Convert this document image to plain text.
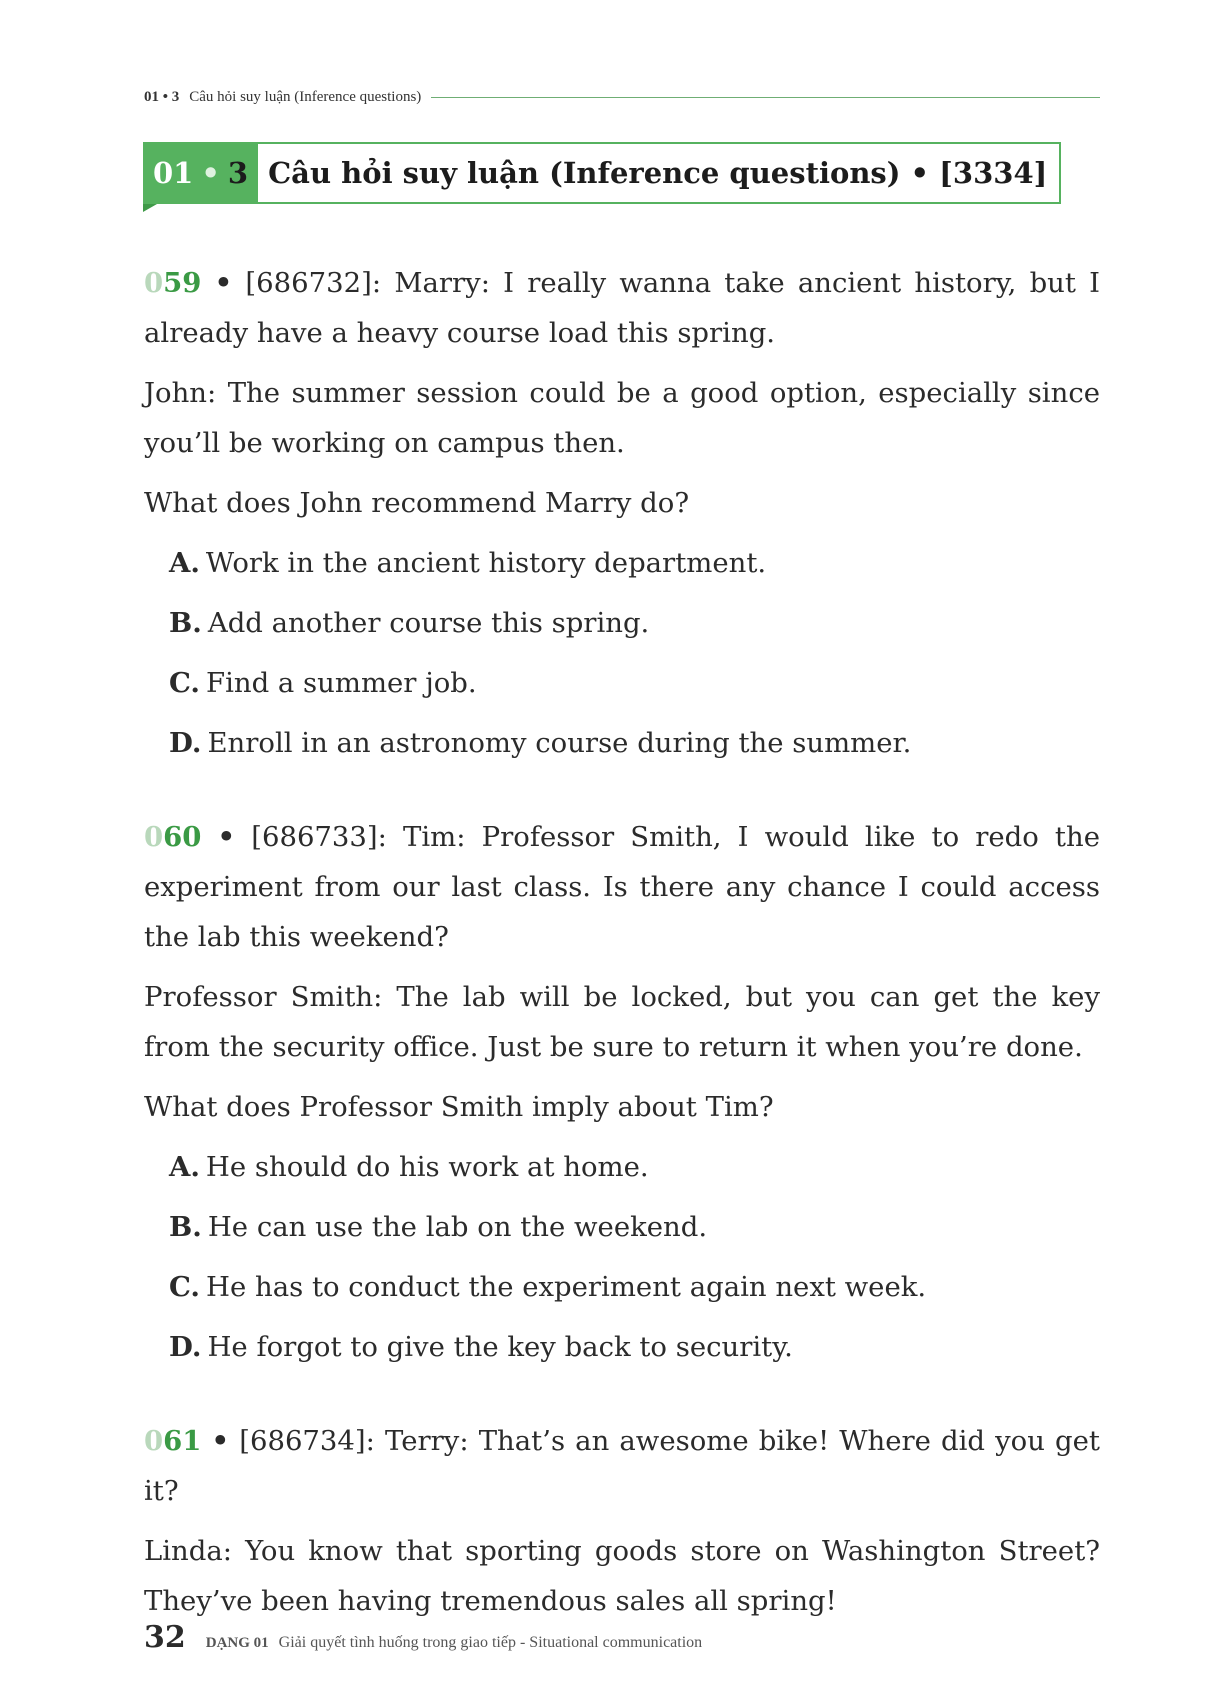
01 • 3 Câu hỏi suy luận (Inference questions)
01 • 3 Câu hỏi suy luận (Inference questions) • [3334]

059 • [686732]: Marry: I really wanna take ancient history, but I already have a heavy course load this spring.

John: The summer session could be a good option, especially since you’ll be working on campus then.

What does John recommend Marry do?

A. Work in the ancient history department.
B. Add another course this spring.
C. Find a summer job.
D. Enroll in an astronomy course during the summer.

060 • [686733]: Tim: Professor Smith, I would like to redo the experiment from our last class. Is there any chance I could access the lab this weekend?

Professor Smith: The lab will be locked, but you can get the key from the security office. Just be sure to return it when you’re done.

What does Professor Smith imply about Tim?

A. He should do his work at home.
B. He can use the lab on the weekend.
C. He has to conduct the experiment again next week.
D. He forgot to give the key back to security.

061 • [686734]: Terry: That’s an awesome bike! Where did you get it?

Linda: You know that sporting goods store on Washington Street? They’ve been having tremendous sales all spring!

32 DẠNG 01 Giải quyết tình huống trong giao tiếp - Situational communication
